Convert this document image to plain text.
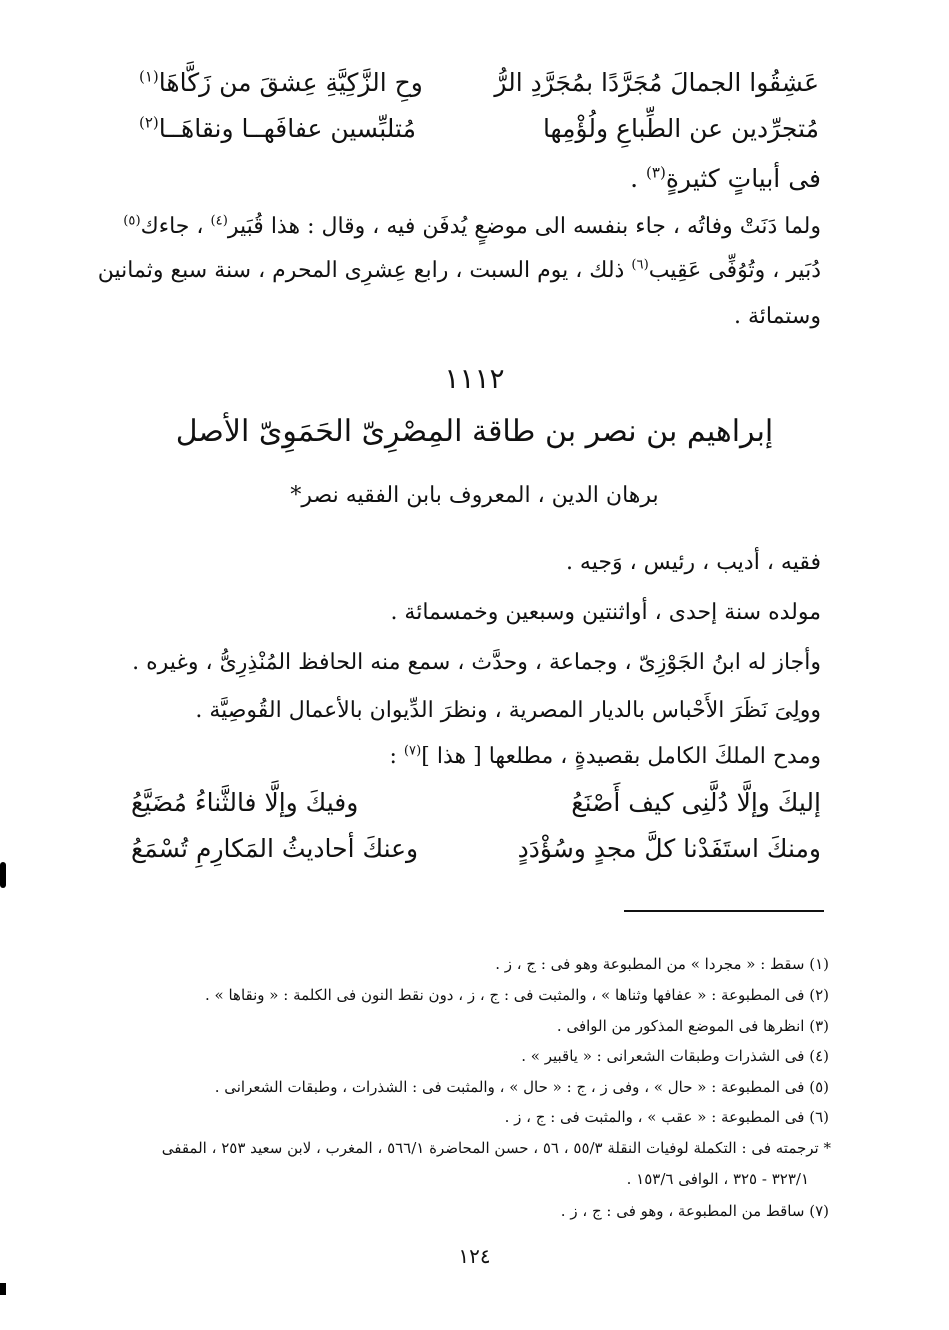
عَشِقُوا الجمالَ مُجَرَّدًا بمُجَرَّدِ الرُّ
وحِ الزَّكِيَّةِ عِشقَ من زَكَّاهَا$^{(١)}$
مُتجرِّدين عن الطِّباعِ ولُؤْمِها
مُتلبِّسين عفافَهــا ونقاهَــا$^{(٢)}$
فى أبياتٍ كثيرةٍ$^{(٣)}$ .
ولما دَنَتْ وفاتُه ، جاء بنفسه الى موضعٍ يُدفَن فيه ، وقال : هذا قُبَير$^{(٤)}$ ، جاءك$^{(٥)}$
دُبَير ، وتُوُفِّى عَقِيب$^{(٦)}$ ذلك ، يوم السبت ، رابع عِشرِى المحرم ، سنة سبع وثمانين
وستمائة .
١١١٢
إبراهيم بن نصر بن طاقة المِصْرِىّ الحَمَوِىّ الأصل
برهان الدين ، المعروف بابن الفقيه نصر*
فقيه ، أديب ، رئيس ، وَجيه .
مولده سنة إحدى ، أواثنتين وسبعين وخمسمائة .
وأجاز له ابنُ الجَوْزِىّ ، وجماعة ، وحدَّث ، سمع منه الحافظ المُنْذِرِىُّ ، وغيره .
وولِىَ نَظَرَ الأَحْباس بالديار المصرية ، ونظرَ الدِّيوان بالأعمال القُوصِيَّة .
ومدح الملكَ الكامل بقصيدةٍ ، مطلعها [ هذا ]$^{(٧)}$ :
إليكَ وإلَّا دُلَّنِى كيف أَصْنَعُ
وفيكَ وإلَّا فالثَّناءُ مُضَيَّعُ
ومنكَ استَفَدْنا كلَّ مجدٍ وسُؤْدَدٍ
وعنكَ أحاديثُ المَكارِمِ تُسْمَعُ
(١) سقط : « مجردا » من المطبوعة وهو فى : ج ، ز .
(٢) فى المطبوعة : « عفافها وثناها » ، والمثبت فى : ج ، ز ، دون نقط النون فى الكلمة : « ونقاها » .
(٣) انظرها فى الموضع المذكور من الوافى .
(٤) فى الشذرات وطبقات الشعرانى : « ياقبير » .
(٥) فى المطبوعة : « حال » ، وفى ز ، ج : « حال » ، والمثبت فى : الشذرات ، وطبقات الشعرانى .
(٦) فى المطبوعة : « عقب » ، والمثبت فى : ج ، ز .
* ترجمته فى : التكملة لوفيات النقلة ٥٥/٣ ، ٥٦ ، حسن المحاضرة ٥٦٦/١ ، المغرب ، لابن سعيد ٢٥٣ ، المقفى
٣٢٣/١ - ٣٢٥ ، الوافى ١٥٣/٦ .
(٧) ساقط من المطبوعة ، وهو فى : ج ، ز .
١٢٤
